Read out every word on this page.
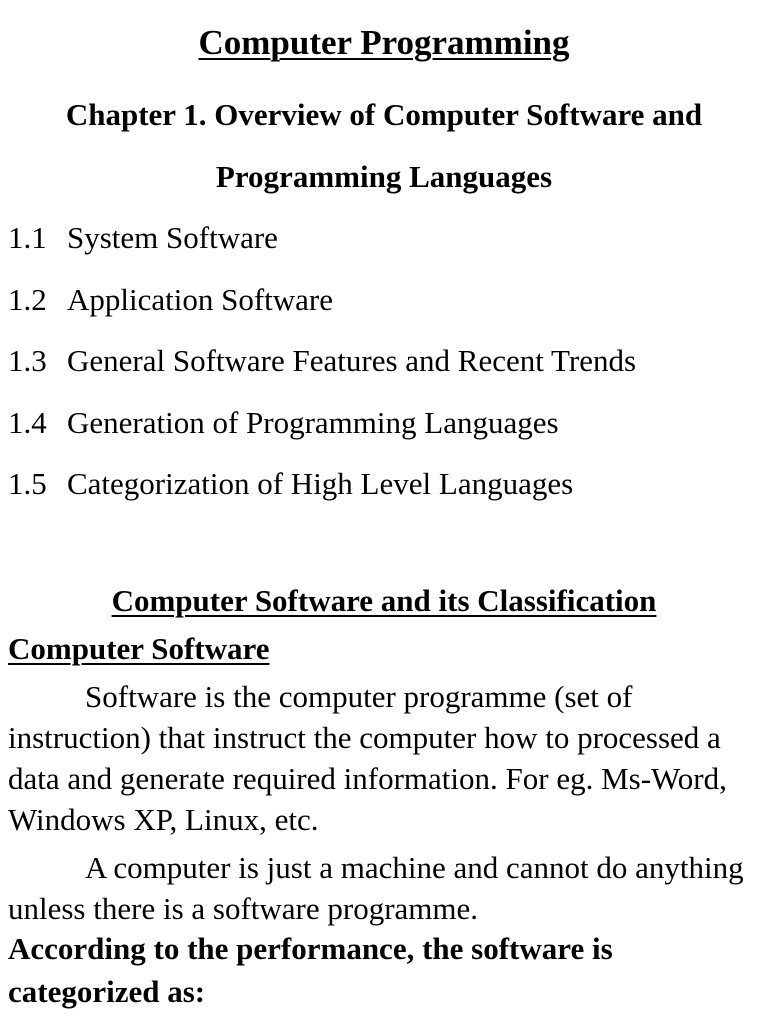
Computer Programming
Chapter 1. Overview of Computer Software and
Programming Languages
1.1 System Software
1.2 Application Software
1.3 General Software Features and Recent Trends
1.4 Generation of Programming Languages
1.5 Categorization of High Level Languages
Computer Software and its Classification
Computer Software

Software is the computer programme (set of instruction) that instruct the computer how to processed a data and generate required information. For eg. Ms-Word, Windows XP, Linux, etc.

A computer is just a machine and cannot do anything unless there is a software programme.

According to the performance, the software is categorized as:
